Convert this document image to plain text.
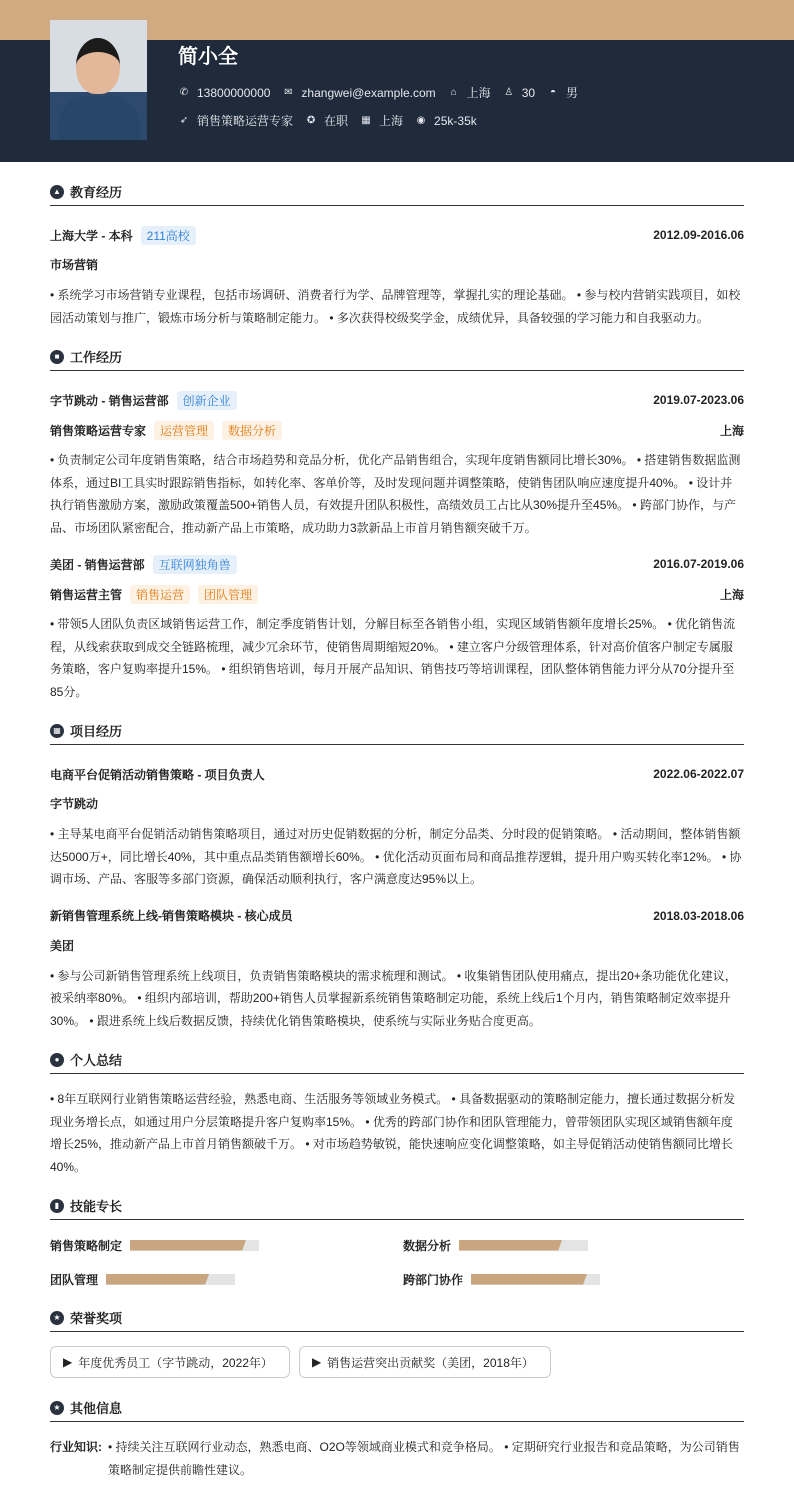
简小全
✆ 13800000000 ✉ zhangwei@example.com ⌂ 上海 ♙ 30 ◓ 男
➶ 销售策略运营专家 ✪ 在职 ▦ 上海 ◉ 25k-35k
▲ 教育经历
上海大学 - 本科	211高校	2012.09-2016.06
市场营销
• 系统学习市场营销专业课程，包括市场调研、消费者行为学、品牌管理等，掌握扎实的理论基础。 • 参与校内营销实践项目，如校园活动策划与推广，锻炼市场分析与策略制定能力。 • 多次获得校级奖学金，成绩优异，具备较强的学习能力和自我驱动力。
■ 工作经历
字节跳动 - 销售运营部	创新企业	2019.07-2023.06
销售策略运营专家	运营管理	数据分析	上海
• 负责制定公司年度销售策略，结合市场趋势和竞品分析，优化产品销售组合，实现年度销售额同比增长30%。 • 搭建销售数据监测体系，通过BI工具实时跟踪销售指标，如转化率、客单价等，及时发现问题并调整策略，使销售团队响应速度提升40%。 • 设计并执行销售激励方案，激励政策覆盖500+销售人员，有效提升团队积极性，高绩效员工占比从30%提升至45%。 • 跨部门协作，与产品、市场团队紧密配合，推动新产品上市策略，成功助力3款新品上市首月销售额突破千万。
美团 - 销售运营部	互联网独角兽	2016.07-2019.06
销售运营主管	销售运营	团队管理	上海
• 带领5人团队负责区域销售运营工作，制定季度销售计划，分解目标至各销售小组，实现区域销售额年度增长25%。 • 优化销售流程，从线索获取到成交全链路梳理，减少冗余环节，使销售周期缩短20%。 • 建立客户分级管理体系，针对高价值客户制定专属服务策略，客户复购率提升15%。 • 组织销售培训，每月开展产品知识、销售技巧等培训课程，团队整体销售能力评分从70分提升至85分。
▦ 项目经历
电商平台促销活动销售策略 - 项目负责人	2022.06-2022.07
字节跳动
• 主导某电商平台促销活动销售策略项目，通过对历史促销数据的分析，制定分品类、分时段的促销策略。 • 活动期间，整体销售额达5000万+，同比增长40%，其中重点品类销售额增长60%。 • 优化活动页面布局和商品推荐逻辑，提升用户购买转化率12%。 • 协调市场、产品、客服等多部门资源，确保活动顺利执行，客户满意度达95%以上。
新销售管理系统上线-销售策略模块 - 核心成员	2018.03-2018.06
美团
• 参与公司新销售管理系统上线项目，负责销售策略模块的需求梳理和测试。 • 收集销售团队使用痛点，提出20+条功能优化建议，被采纳率80%。 • 组织内部培训，帮助200+销售人员掌握新系统销售策略制定功能，系统上线后1个月内，销售策略制定效率提升30%。 • 跟进系统上线后数据反馈，持续优化销售策略模块，使系统与实际业务贴合度更高。
● 个人总结
• 8年互联网行业销售策略运营经验，熟悉电商、生活服务等领域业务模式。 • 具备数据驱动的策略制定能力，擅长通过数据分析发现业务增长点，如通过用户分层策略提升客户复购率15%。 • 优秀的跨部门协作和团队管理能力，曾带领团队实现区域销售额年度增长25%，推动新产品上市首月销售额破千万。 • 对市场趋势敏锐，能快速响应变化调整策略，如主导促销活动使销售额同比增长40%。
▮ 技能专长
销售策略制定	数据分析
团队管理	跨部门协作
★ 荣誉奖项
▶ 年度优秀员工（字节跳动，2022年）	▶ 销售运营突出贡献奖（美团，2018年）
★ 其他信息
行业知识: • 持续关注互联网行业动态，熟悉电商、O2O等领域商业模式和竞争格局。 • 定期研究行业报告和竞品策略，为公司销售策略制定提供前瞻性建议。
